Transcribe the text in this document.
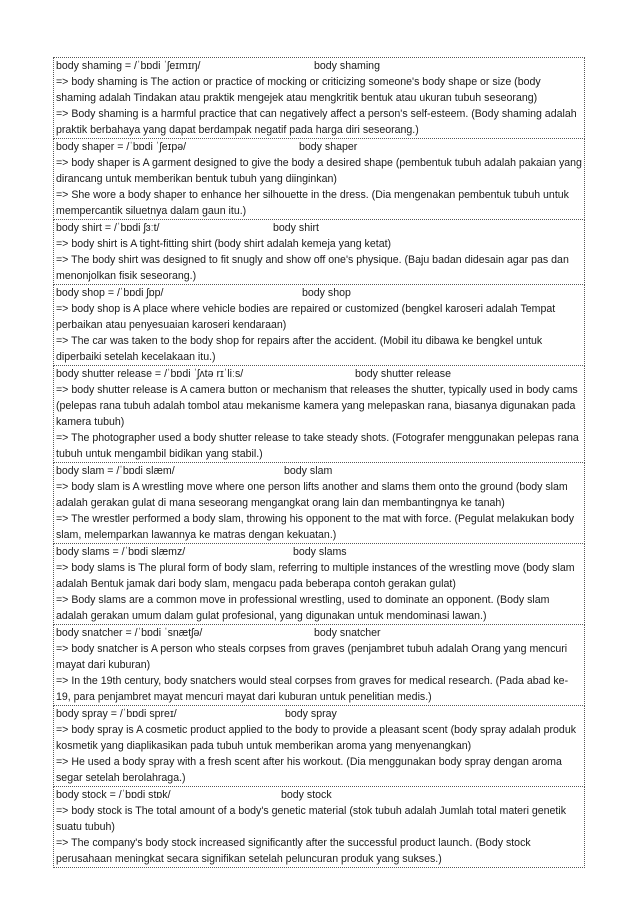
body shaming = /ˈbɒdi ˈʃeɪmɪŋ/	body shaming

=> body shaming is The action or practice of mocking or criticizing someone's body shape or size (body shaming adalah Tindakan atau praktik mengejek atau mengkritik bentuk atau ukuran tubuh seseorang)

=> Body shaming is a harmful practice that can negatively affect a person's self-esteem. (Body shaming adalah praktik berbahaya yang dapat berdampak negatif pada harga diri seseorang.)

body shaper = /ˈbɒdi ˈʃeɪpə/	body shaper

=> body shaper is A garment designed to give the body a desired shape (pembentuk tubuh adalah pakaian yang dirancang untuk memberikan bentuk tubuh yang diinginkan)

=> She wore a body shaper to enhance her silhouette in the dress. (Dia mengenakan pembentuk tubuh untuk mempercantik siluetnya dalam gaun itu.)

body shirt = /ˈbɒdi ʃɜːt/	body shirt

=> body shirt is A tight-fitting shirt (body shirt adalah kemeja yang ketat)

=> The body shirt was designed to fit snugly and show off one's physique. (Baju badan didesain agar pas dan menonjolkan fisik seseorang.)

body shop = /ˈbɒdi ʃɒp/	body shop

=> body shop is A place where vehicle bodies are repaired or customized (bengkel karoseri adalah Tempat perbaikan atau penyesuaian karoseri kendaraan)

=> The car was taken to the body shop for repairs after the accident. (Mobil itu dibawa ke bengkel untuk diperbaiki setelah kecelakaan itu.)

body shutter release = /ˈbɒdi ˈʃʌtə rɪˈliːs/	body shutter release

=> body shutter release is A camera button or mechanism that releases the shutter, typically used in body cams (pelepas rana tubuh adalah tombol atau mekanisme kamera yang melepaskan rana, biasanya digunakan pada kamera tubuh)

=> The photographer used a body shutter release to take steady shots. (Fotografer menggunakan pelepas rana tubuh untuk mengambil bidikan yang stabil.)

body slam = /ˈbɒdi slæm/	body slam

=> body slam is A wrestling move where one person lifts another and slams them onto the ground (body slam adalah gerakan gulat di mana seseorang mengangkat orang lain dan membantingnya ke tanah)

=> The wrestler performed a body slam, throwing his opponent to the mat with force. (Pegulat melakukan body slam, melemparkan lawannya ke matras dengan kekuatan.)

body slams = /ˈbɒdi slæmz/	body slams

=> body slams is The plural form of body slam, referring to multiple instances of the wrestling move (body slam adalah Bentuk jamak dari body slam, mengacu pada beberapa contoh gerakan gulat)

=> Body slams are a common move in professional wrestling, used to dominate an opponent. (Body slam adalah gerakan umum dalam gulat profesional, yang digunakan untuk mendominasi lawan.)

body snatcher = /ˈbɒdi ˈsnætʃə/	body snatcher

=> body snatcher is A person who steals corpses from graves (penjambret tubuh adalah Orang yang mencuri mayat dari kuburan)

=> In the 19th century, body snatchers would steal corpses from graves for medical research. (Pada abad ke-19, para penjambret mayat mencuri mayat dari kuburan untuk penelitian medis.)

body spray = /ˈbɒdi spreɪ/	body spray

=> body spray is A cosmetic product applied to the body to provide a pleasant scent (body spray adalah produk kosmetik yang diaplikasikan pada tubuh untuk memberikan aroma yang menyenangkan)

=> He used a body spray with a fresh scent after his workout. (Dia menggunakan body spray dengan aroma segar setelah berolahraga.)

body stock = /ˈbɒdi stɒk/	body stock

=> body stock is The total amount of a body's genetic material (stok tubuh adalah Jumlah total materi genetik suatu tubuh)

=> The company's body stock increased significantly after the successful product launch. (Body stock perusahaan meningkat secara signifikan setelah peluncuran produk yang sukses.)
